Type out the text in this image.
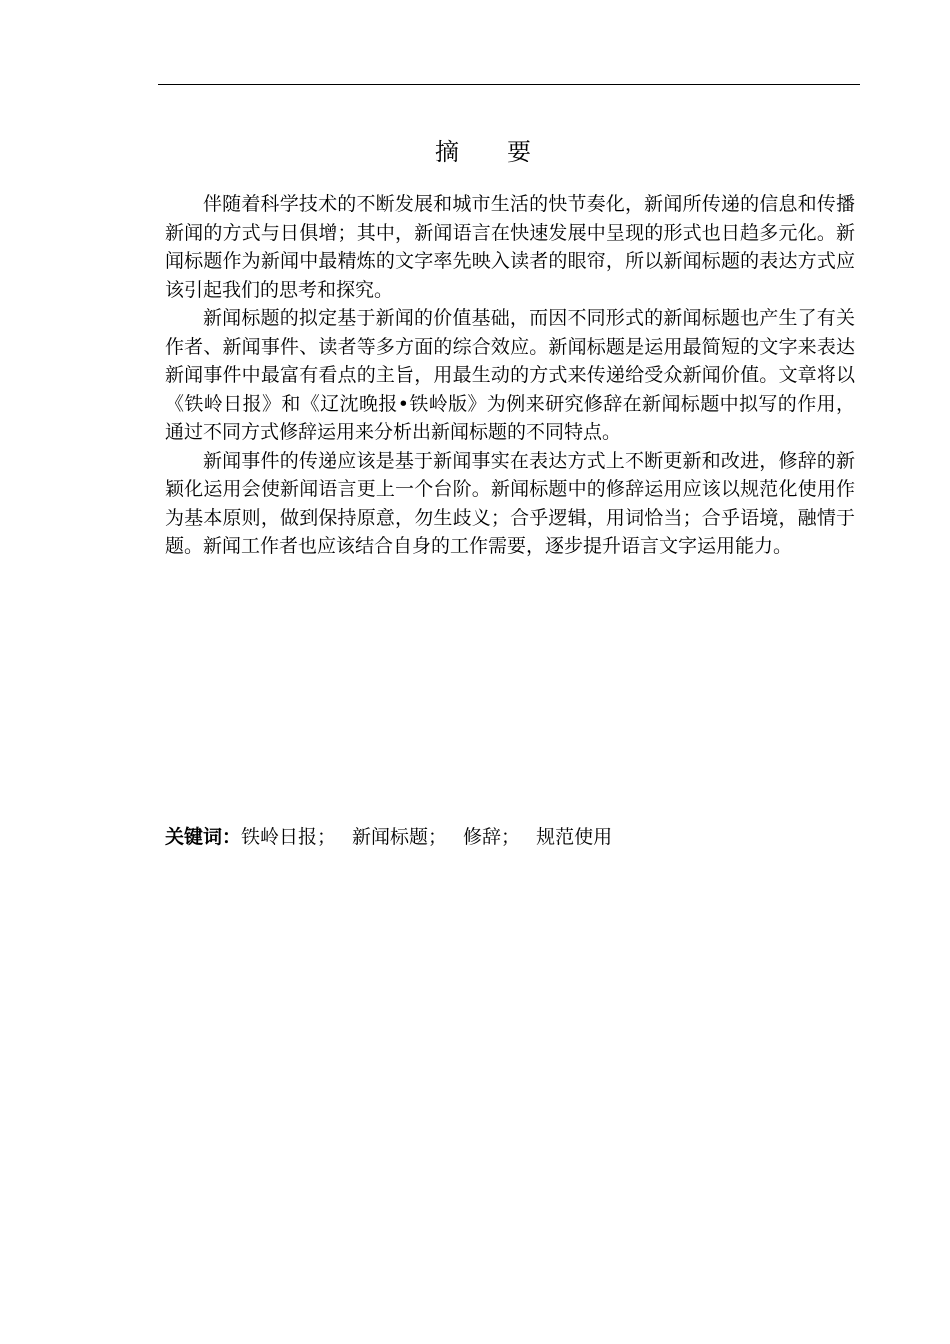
摘要

伴随着科学技术的不断发展和城市生活的快节奏化，新闻所传递的信息和传播新闻的方式与日俱增；其中，新闻语言在快速发展中呈现的形式也日趋多元化。新闻标题作为新闻中最精炼的文字率先映入读者的眼帘，所以新闻标题的表达方式应该引起我们的思考和探究。

新闻标题的拟定基于新闻的价值基础，而因不同形式的新闻标题也产生了有关作者、新闻事件、读者等多方面的综合效应。新闻标题是运用最简短的文字来表达新闻事件中最富有看点的主旨，用最生动的方式来传递给受众新闻价值。文章将以《铁岭日报》和《辽沈晚报•铁岭版》为例来研究修辞在新闻标题中拟写的作用，通过不同方式修辞运用来分析出新闻标题的不同特点。

新闻事件的传递应该是基于新闻事实在表达方式上不断更新和改进，修辞的新颖化运用会使新闻语言更上一个台阶。新闻标题中的修辞运用应该以规范化使用作为基本原则，做到保持原意，勿生歧义；合乎逻辑，用词恰当；合乎语境，融情于题。新闻工作者也应该结合自身的工作需要，逐步提升语言文字运用能力。

关键词：铁岭日报； 新闻标题； 修辞； 规范使用
